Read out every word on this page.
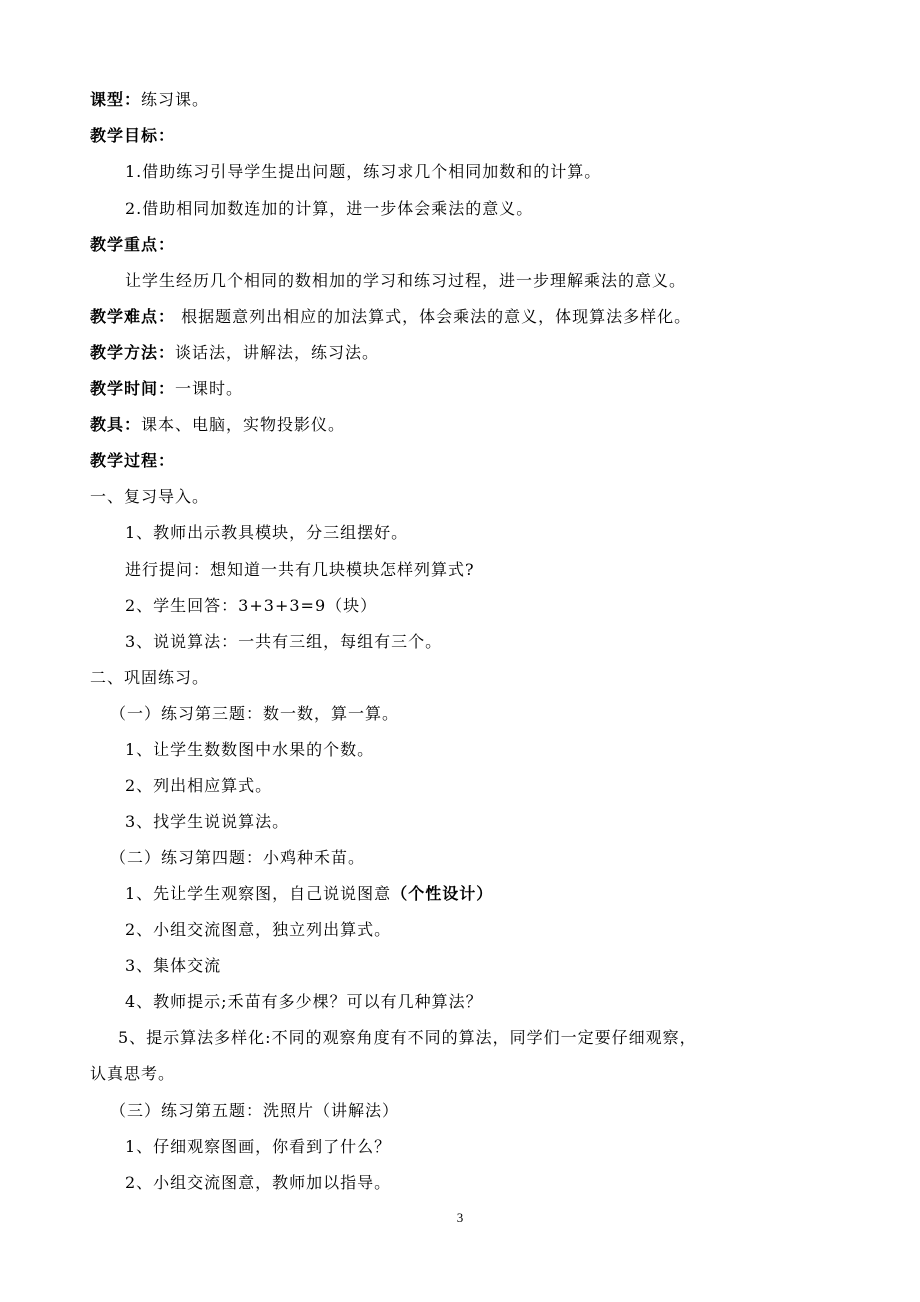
课型：练习课。
教学目标：
1.借助练习引导学生提出问题，练习求几个相同加数和的计算。
2.借助相同加数连加的计算，进一步体会乘法的意义。
教学重点：
让学生经历几个相同的数相加的学习和练习过程，进一步理解乘法的意义。
教学难点： 根据题意列出相应的加法算式，体会乘法的意义，体现算法多样化。
教学方法：谈话法，讲解法，练习法。
教学时间：一课时。
教具：课本、电脑，实物投影仪。
教学过程：
一、复习导入。
1、教师出示教具模块，分三组摆好。
进行提问：想知道一共有几块模块怎样列算式?
2、学生回答：3+3+3=9（块）
3、说说算法：一共有三组，每组有三个。
二、巩固练习。
（一）练习第三题：数一数，算一算。
1、让学生数数图中水果的个数。
2、列出相应算式。
3、找学生说说算法。
（二）练习第四题：小鸡种禾苗。
1、先让学生观察图，自己说说图意（个性设计）
2、小组交流图意，独立列出算式。
3、集体交流
4、教师提示;禾苗有多少棵？可以有几种算法？
5、提示算法多样化:不同的观察角度有不同的算法，同学们一定要仔细观察，
认真思考。
（三）练习第五题：洗照片（讲解法）
1、仔细观察图画，你看到了什么？
2、小组交流图意，教师加以指导。
3
